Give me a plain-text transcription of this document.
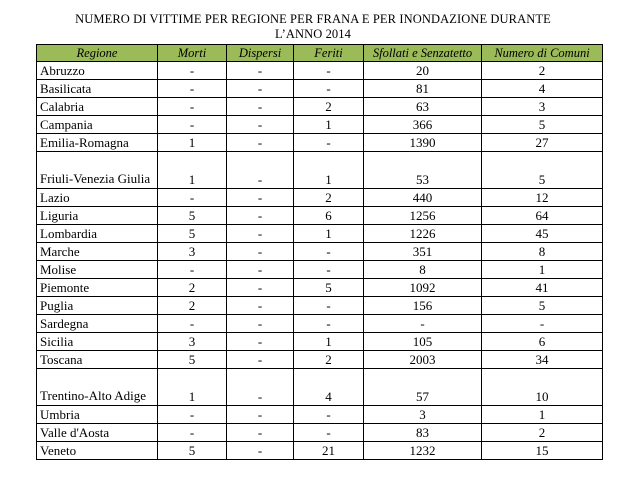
NUMERO DI VITTIME PER REGIONE PER FRANA E PER INONDAZIONE DURANTE
L’ANNO 2014
Regione	Morti	Dispersi	Feriti	Sfollati e Senzatetto	Numero di Comuni
Abruzzo	-	-	-	20	2
Basilicata	-	-	-	81	4
Calabria	-	-	2	63	3
Campania	-	-	1	366	5
Emilia-Romagna	1	-	-	1390	27
Friuli-Venezia Giulia	1	-	1	53	5
Lazio	-	-	2	440	12
Liguria	5	-	6	1256	64
Lombardia	5	-	1	1226	45
Marche	3	-	-	351	8
Molise	-	-	-	8	1
Piemonte	2	-	5	1092	41
Puglia	2	-	-	156	5
Sardegna	-	-	-	-	-
Sicilia	3	-	1	105	6
Toscana	5	-	2	2003	34
Trentino-Alto Adige	1	-	4	57	10
Umbria	-	-	-	3	1
Valle d'Aosta	-	-	-	83	2
Veneto	5	-	21	1232	15
